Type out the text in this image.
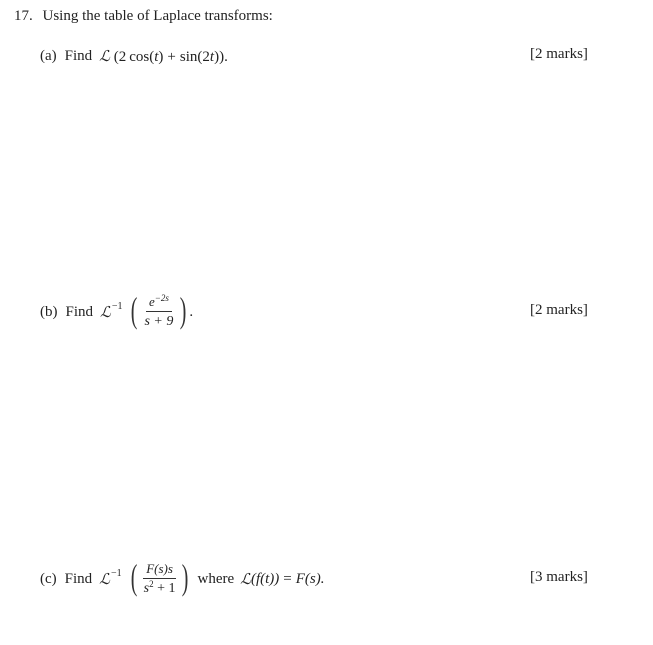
17. Using the table of Laplace transforms:
(a) Find ℒ (2  cos(t) + sin(2t)).	[2 marks]
(b) Find ℒ −1 ( $\frac{e^{-2s}}{s + 9}$ ) .	[2 marks]
(c) Find ℒ −1 ( $\frac{F(s)s}{s^2 + 1}$ ) where ℒ (f(t)) = F(s).	[3 marks]
